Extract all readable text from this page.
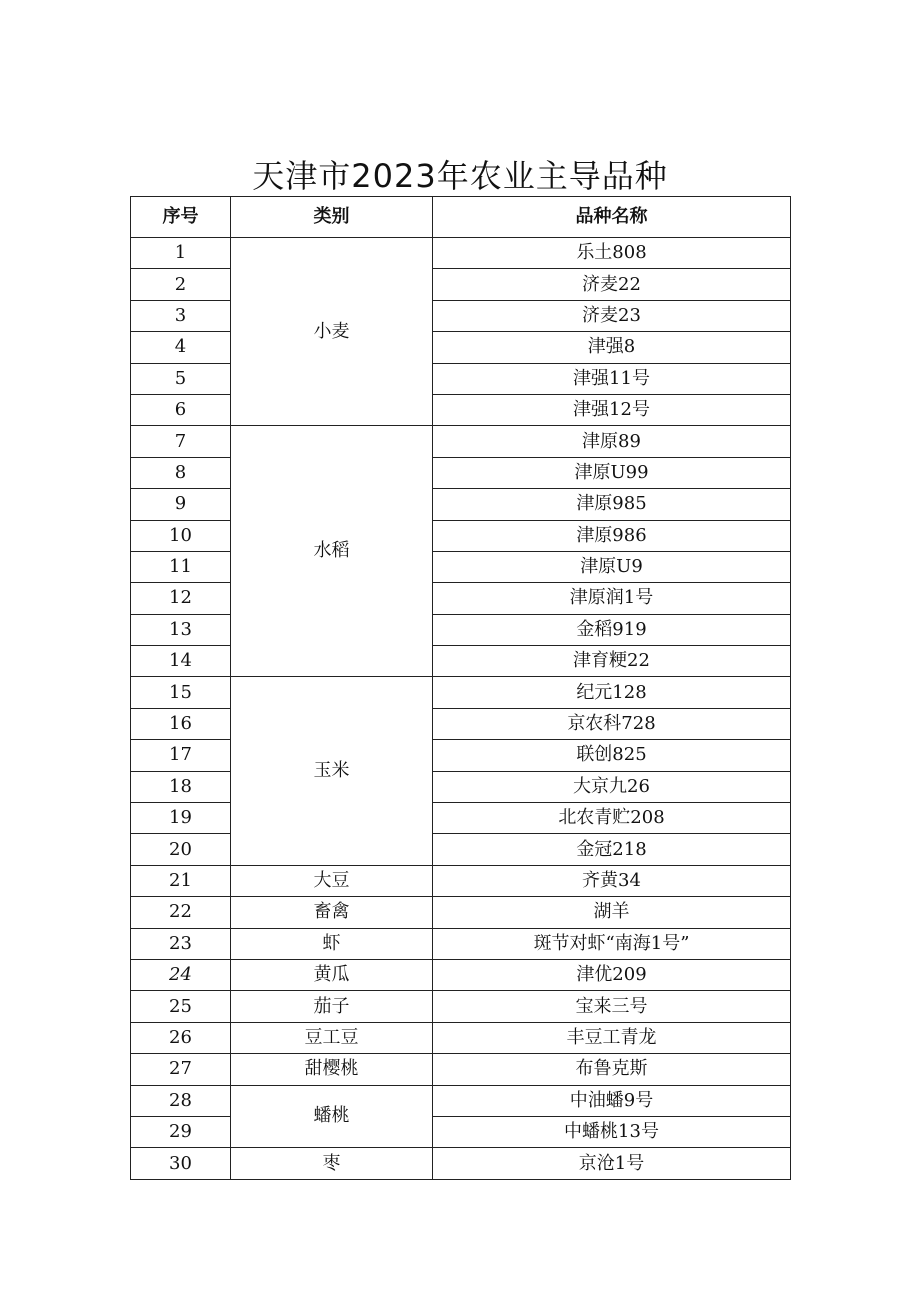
天津市2023年农业主导品种
序号	类别	品种名称
1	小麦	乐土808
2		济麦22
3		济麦23
4		津强8
5		津强11号
6		津强12号
7	水稻	津原89
8		津原U99
9		津原985
10		津原986
11		津原U9
12		津原润1号
13		金稻919
14		津育粳22
15	玉米	纪元128
16		京农科728
17		联创825
18		大京九26
19		北农青贮208
20		金冠218
21	大豆	齐黄34
22	畜禽	湖羊
23	虾	斑节对虾“南海1号”
24	黄瓜	津优209
25	茄子	宝来三号
26	豆工豆	丰豆工青龙
27	甜樱桃	布鲁克斯
28	蟠桃	中油蟠9号
29		中蟠桃13号
30	枣	京沧1号
